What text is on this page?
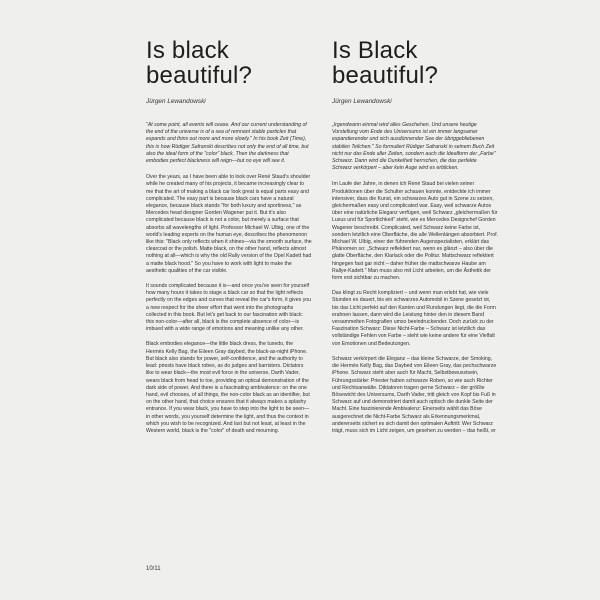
Is black
beautiful?
Jürgen Lewandowski

"At some point, all events will cease. And our current understanding of the end of the universe is of a sea of remnant stable particles that expands and thins out more and more slowly." In his book Zeit (Time), this is how Rüdiger Safranski describes not only the end of all time, but also the ideal form of the "color" black. Then the darkness that embodies perfect blackness will reign—but no eye will see it.

Over the years, as I have been able to look over René Staud's shoulder while he created many of his projects, it became increasingly clear to me that the art of making a black car look great is equal parts easy and complicated. The easy part is because black cars have a natural elegance, because black stands "for both luxury and sportiness," as Mercedes head designer Gorden Wagener put it. But it's also complicated because black is not a color, but merely a surface that absorbs all wavelengths of light. Professor Michael W. Ulbig, one of the world's leading experts on the human eye, describes the phenomenon like this: "Black only reflects when it shines—via the smooth surface, the clearcoat or the polish. Matte black, on the other hand, reflects almost nothing at all—which is why the old Rally version of the Opel Kadett had a matte black hood." So you have to work with light to make the aesthetic qualities of the car visible.

It sounds complicated because it is—and once you've seen for yourself how many hours it takes to stage a black car so that the light reflects perfectly on the edges and curves that reveal the car's form, it gives you a new respect for the sheer effort that went into the photographs collected in this book. But let's get back to our fascination with black: this non-color—after all, black is the complete absence of color—is imbued with a wide range of emotions and meaning unlike any other.

Black embodies elegance—the little black dress, the tuxedo, the Hermès Kelly Bag, the Eileen Gray daybed, the black-as-night iPhone. But black also stands for power, self-confidence, and the authority to lead: priests have black robes, as do judges and barristers. Dictators like to wear black—the most evil force in the universe, Darth Vader, wears black from head to toe, providing an optical demonstration of the dark side of power. And there is a fascinating ambivalence: on the one hand, evil chooses, of all things, the non-color black as an identifier, but on the other hand, that choice ensures that it always makes a splashy entrance. If you wear black, you have to step into the light to be seen—in other words, you yourself determine the light, and thus the context in which you wish to be recognized. And last but not least, at least in the Western world, black is the "color" of death and mourning.

Is Black
beautiful?
Jürgen Lewandowski

„Irgendwann einmal wird alles Geschehen. Und unsere heutige Vorstellung vom Ende des Universums ist ein immer langsamer expandierender und sich ausdünnender See der übriggebliebenen stabilen Teilchen." So formuliert Rüdiger Safranski in seinem Buch Zeit nicht nur das Ende aller Zeiten, sondern auch die Idealform der „Farbe" Schwarz. Dann wird die Dunkelheit herrschen, die das perfekte Schwarz verkörpert – aber kein Auge wird es erblicken.

Im Laufe der Jahre, in denen ich René Staud bei vielen seiner Produktionen über die Schulter schauen konnte, entdeckte ich immer intensiver, dass die Kunst, ein schwarzes Auto gut in Szene zu setzen, gleichermaßen easy und complicated war. Easy, weil schwarze Autos über eine natürliche Eleganz verfügen, weil Schwarz „gleichermaßen für Luxus und für Sportlichkeit" steht, wie es Mercedes Designchef Gorden Wagener beschreibt. Complicated, weil Schwarz keine Farbe ist, sondern letztlich eine Oberfläche, die alle Wellenlängen absorbiert. Prof. Michael W. Ulbig, einer der führenden Augenspezialisten, erklärt das Phänomen so: „Schwarz reflektiert nur, wenn es glänzt – also über die glatte Oberfläche, den Klarlack oder die Politur. Mattschwarz reflektiert hingegen fast gar nicht – daher früher die mattschwarze Haube am Rallye-Kadett." Man muss also mit Licht arbeiten, um die Ästhetik der form erst sichtbar zu machen.

Das klingt zu Recht kompliziert – und wenn man erlebt hat, wie viele Stunden es dauert, bis ein schwarzes Automobil in Szene gesetzt ist, bis das Licht perfekt auf den Kanten und Rundungen liegt, die die Form erahnen lassen, dann wird die Leistung hinter den in diesem Band versammelten Fotografien umso beeindruckender. Doch zurück zu der Faszination Schwarz: Diese Nicht-Farbe – Schwarz ist letztlich das vollständige Fehlen von Farbe – steht wie keine andere für eine Vielfalt von Emotionen und Bedeutungen.

Schwarz verkörpert die Eleganz – das kleine Schwarze, der Smoking, die Hermès Kelly Bag, das Daybed von Eileen Gray, das pechschwarze iPhone. Schwarz steht aber auch für Macht, Selbstbewusstsein, Führungsstärke: Priester haben schwarze Roben, so wie auch Richter und Rechtsanwälte. Diktatoren tragen gerne Schwarz – der größte Bösewicht des Universums, Darth Vader, tritt gleich von Kopf bis Fuß in Schwarz auf und demonstriert damit auch optisch die dunkle Seite der Macht. Eine faszinierende Ambivalenz: Einerseits wählt das Böse ausgerechnet die Nicht-Farbe Schwarz als Erkennungsmerkmal, andererseits sichert es sich damit den optimalen Auftritt: Wer Schwarz trägt, muss sich im Licht zeigen, um gesehen zu werden – das heißt, er

10/11
